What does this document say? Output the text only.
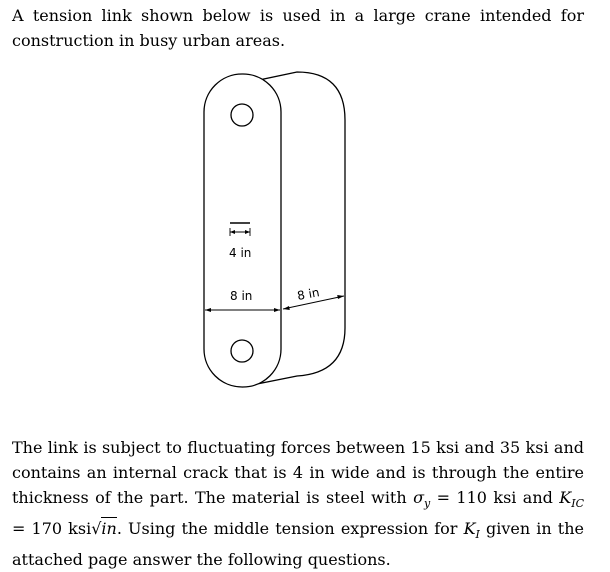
A tension link shown below is used in a large crane intended for construction in busy urban areas.
4 in
8 in	8 in
The link is subject to fluctuating forces between 15 ksi and 35 ksi and contains an internal crack that is 4 in wide and is through the entire thickness of the part. The material is steel with $\sigma_y = 110$ ksi and $K_{IC} = 170$ ksi√in. Using the middle tension expression for $K_I$ given in the attached page answer the following questions.
